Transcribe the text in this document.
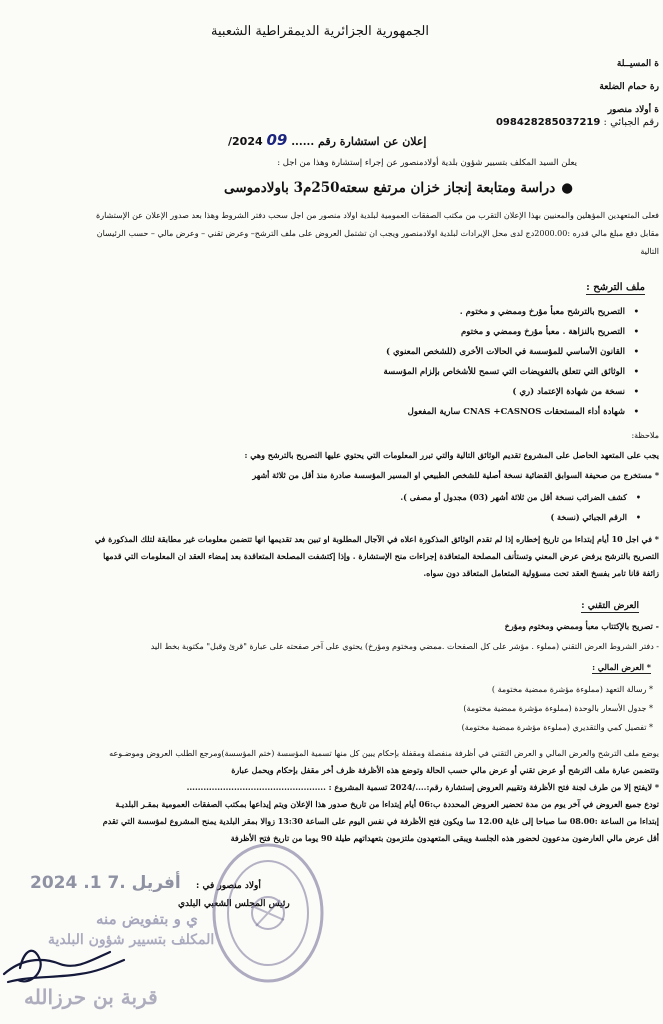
الجمهورية الجزائرية الديمقراطية الشعبية
ة المسيــلة
رة حمام الضلعة
ة أولاد منصور
رقم الجبائي : 098428285037219
إعلان عن استشارة رقم ...... 09 2024/
يعلن السيد المكلف بتسيير شؤون بلدية أولادمنصور عن إجراء إستشارة وهذا من اجل :
●دراسة ومتابعة إنجاز خزان مرتفع سعته250م3 باولادموسى
فعلى المتعهدين المؤهلين والمعنيين بهذا الإعلان التقرب من مكتب الصفقات العمومية لبلدية اولاد منصور من اجل سحب دفتر الشروط وهذا بعد صدور الإعلان عن الإستشارة
مقابل دفع مبلغ مالي قدره :2000.00دج لدى محل الإيرادات لبلدية اولادمنصور ويجب ان تشتمل العروض على ملف الترشح– وعرض تقني – وعرض مالي – حسب الرئيسان
التالية
ملف الترشح :
• التصريح بالترشح معبأ مؤرخ وممضي و مختوم .
• التصريح بالنزاهة . معبأ مؤرخ وممضي و مختوم
• القانون الأساسي للمؤسسة في الحالات الأخرى (للشخص المعنوي )
• الوثائق التي تتعلق بالتفويضات التي تسمح للأشخاص بإلزام المؤسسة
• نسخة من شهادة الإعتماد (ري )
• شهادة أداء المستحقات CNAS +CASNOS سارية المفعول
ملاحظة:
يجب على المتعهد الحاصل على المشروع تقديم الوثائق التالية والتي تبرر المعلومات التي يحتوي عليها التصريح بالترشح وهي :
* مستخرج من صحيفة السوابق القضائية نسخة أصلية للشخص الطبيعي او المسير المؤسسة صادرة منذ أقل من ثلاثة أشهر
• كشف الضرائب نسخة أقل من ثلاثة أشهر (03) مجدول أو مصفى ).
• الرقم الجبائي (نسخة )
* في اجل 10 أيام إبتداءا من تاريخ إخطاره إذا لم تقدم الوثائق المذكورة اعلاه في الآجال المطلوبة او تبين بعد تقديمها انها تتضمن معلومات غير مطابقة لتلك المذكورة في
التصريح بالترشح يرفض عرض المعني وتستأنف المصلحة المتعاقدة إجراءات منح الإستشارة . وإذا إكتشفت المصلحة المتعاقدة بعد إمضاء العقد ان المعلومات التي قدمها
زائفة قانا تامر بفسخ العقد تحت مسؤولية المتعامل المتعاقد دون سواه.
العرض التقني :
- تصريح بالإكتتاب معبأ وممضي ومختوم ومؤرخ
- دفتر الشروط العرض التقني (مملوء . مؤشر على كل الصفحات .ممضي ومختوم ومؤرخ) يحتوي على آخر صفحته على عبارة "قرئ وقبل" مكتوبة بخط اليد
* العرض المالي :
* رسالة التعهد (مملوءة مؤشرة ممضية مختومة )
* جدول الأسعار بالوحدة (مملوءة مؤشرة ممضية مختومة)
* تفصيل كمي والتقديري (مملوءة مؤشرة ممضية مختومة)
يوضع ملف الترشح والعرض المالي و العرض التقني في أظرفة منفصلة ومقفلة بإحكام يبين كل منها تسمية المؤسسة (ختم المؤسسة)ومرجع الطلب العروض وموضـوعه
وتتضمن عبارة ملف الترشح أو عرض تقني أو عرض مالي حسب الحالة وتوضع هذه الأظرفة ظرف أخر مقفل بإحكام ويحمل عبارة
* لايفتح إلا من طرف لجنة فتح الأظرفة وتقييم العروض إستشارة رقم:..../2024 تسمية المشروع : ..................................................
تودع جميع العروض في آخر يوم من مدة تحضير العروض المحددة ب:06 أيام إبتداءا من تاريخ صدور هذا الإعلان ويتم إيداعها بمكتب الصفقات العمومية بمقـر البلديـة
إبتداءا من الساعة :08.00 سا صباحا إلى غاية 12.00 سا ويكون فتح الأظرفة في نفس اليوم على الساعة 13:30 زوالا بمقر البلدية يمنح المشروع لمؤسسة التي تقدم
أقل عرض مالي العارضون مدعوون لحضور هذه الجلسة ويبقى المتعهدون ملتزمون بتعهداتهم طيلة 90 يوما من تاريخ فتح الأظرفة
أولاد منصور في :
رئيس المجلس الشعبي البلدي
2024 .1 7. أفريل
ي و بتفويض منه
المكلف بتسيير شؤون البلدية
قربة بن حرزالله
